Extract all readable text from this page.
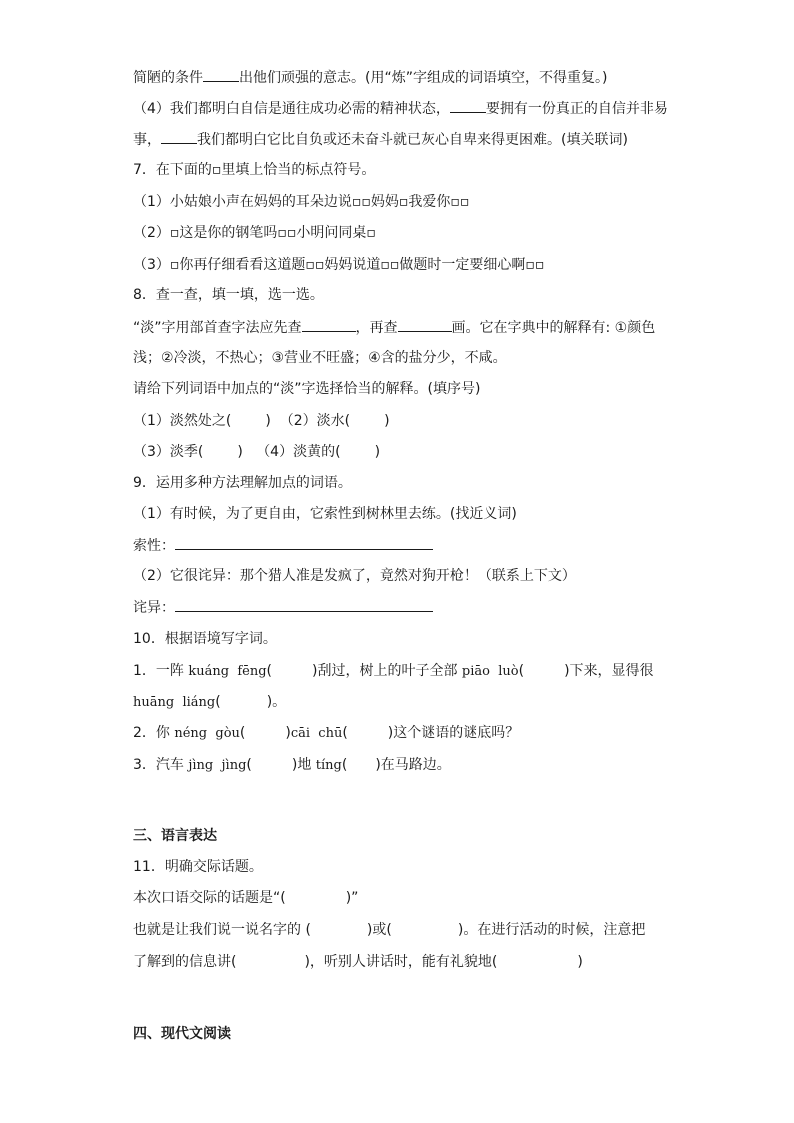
简陋的条件	出他们顽强的意志。(用“炼”字组成的词语填空，不得重复。)
（4）我们都明白自信是通往成功必需的精神状态，	要拥有一份真正的自信并非易
事，	我们都明白它比自负或还未奋斗就已灰心自卑来得更困难。(填关联词)
7．在下面的▫里填上恰当的标点符号。
（1）小姑娘小声在妈妈的耳朵边说▫▫妈妈▫我爱你▫▫
（2）▫这是你的钢笔吗▫▫小明问同桌▫
（3）▫你再仔细看看这道题▫▫妈妈说道▫▫做题时一定要细心啊▫▫
8．查一查，填一填，选一选。
“淡”字用部首查字法应先查	，再查	画。它在字典中的解释有: ①颜色
浅；②冷淡，不热心；③营业不旺盛；④含的盐分少，不咸。
请给下列词语中加点的“淡”字选择恰当的解释。(填序号)
（1）淡然处之( )  （2）淡水( )
（3）淡季( )   （4）淡黄的( )
9．运用多种方法理解加点的词语。
（1）有时候，为了更自由，它索性到树林里去练。(找近义词)
索性：
（2）它很诧异：那个猎人准是发疯了，竟然对狗开枪！（联系上下文）
诧异：
10．根据语境写字词。
1．一阵 kuáng  fēng(	)刮过，树上的叶子全部 piāo  luò(	)下来，显得很
huāng  liáng(	)。
2．你 néng  gòu(	)cāi  chū(	)这个谜语的谜底吗？
3．汽车 jìng  jìng(	)地 tíng( )在马路边。
三、语言表达
11．明确交际话题。
本次口语交际的话题是“(	)”
也就是让我们说一说名字的 (	)或(	)。在进行活动的时候，注意把
了解到的信息讲(	)，听别人讲话时，能有礼貌地(	)
四、现代文阅读
